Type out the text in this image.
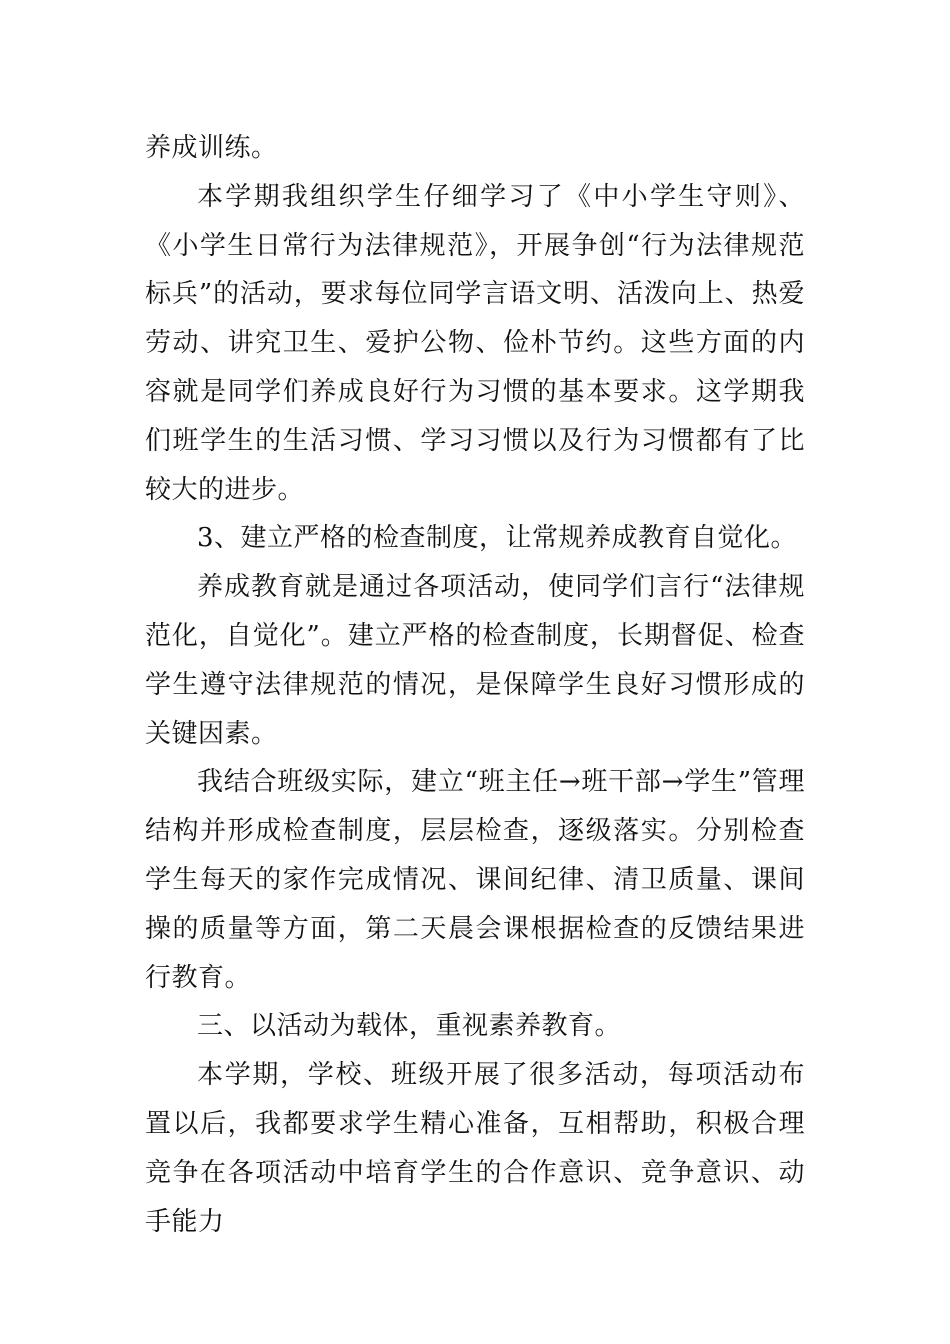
养成训练。

本学期我组织学生仔细学习了《中小学生守则》、《小学生日常行为法律规范》，开展争创“行为法律规范标兵”的活动，要求每位同学言语文明、活泼向上、热爱劳动、讲究卫生、爱护公物、俭朴节约。这些方面的内容就是同学们养成良好行为习惯的基本要求。这学期我们班学生的生活习惯、学习习惯以及行为习惯都有了比较大的进步。

3、建立严格的检查制度，让常规养成教育自觉化。

养成教育就是通过各项活动，使同学们言行“法律规范化，自觉化”。建立严格的检查制度，长期督促、检查学生遵守法律规范的情况，是保障学生良好习惯形成的关键因素。

我结合班级实际，建立“班主任→班干部→学生”管理结构并形成检查制度，层层检查，逐级落实。分别检查学生每天的家作完成情况、课间纪律、清卫质量、课间操的质量等方面，第二天晨会课根据检查的反馈结果进行教育。

三、以活动为载体，重视素养教育。

本学期，学校、班级开展了很多活动，每项活动布置以后，我都要求学生精心准备，互相帮助，积极合理竞争在各项活动中培育学生的合作意识、竞争意识、动手能力
